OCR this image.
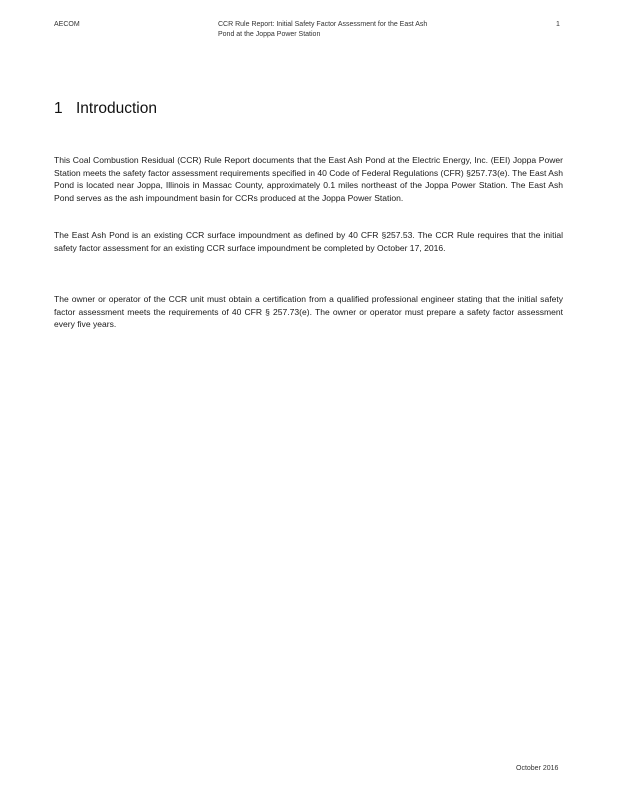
AECOM	CCR Rule Report: Initial Safety Factor Assessment for the East Ash
Pond at the Joppa Power Station
1
1 Introduction

This Coal Combustion Residual (CCR) Rule Report documents that the East Ash Pond at the Electric Energy, Inc. (EEI) Joppa Power Station meets the safety factor assessment requirements specified in 40 Code of Federal Regulations (CFR) §257.73(e). The East Ash Pond is located near Joppa, Illinois in Massac County, approximately 0.1 miles northeast of the Joppa Power Station. The East Ash Pond serves as the ash impoundment basin for CCRs produced at the Joppa Power Station.

The East Ash Pond is an existing CCR surface impoundment as defined by 40 CFR §257.53. The CCR Rule requires that the initial safety factor assessment for an existing CCR surface impoundment be completed by October 17, 2016.

The owner or operator of the CCR unit must obtain a certification from a qualified professional engineer stating that the initial safety factor assessment meets the requirements of 40 CFR § 257.73(e). The owner or operator must prepare a safety factor assessment every five years.

October 2016
